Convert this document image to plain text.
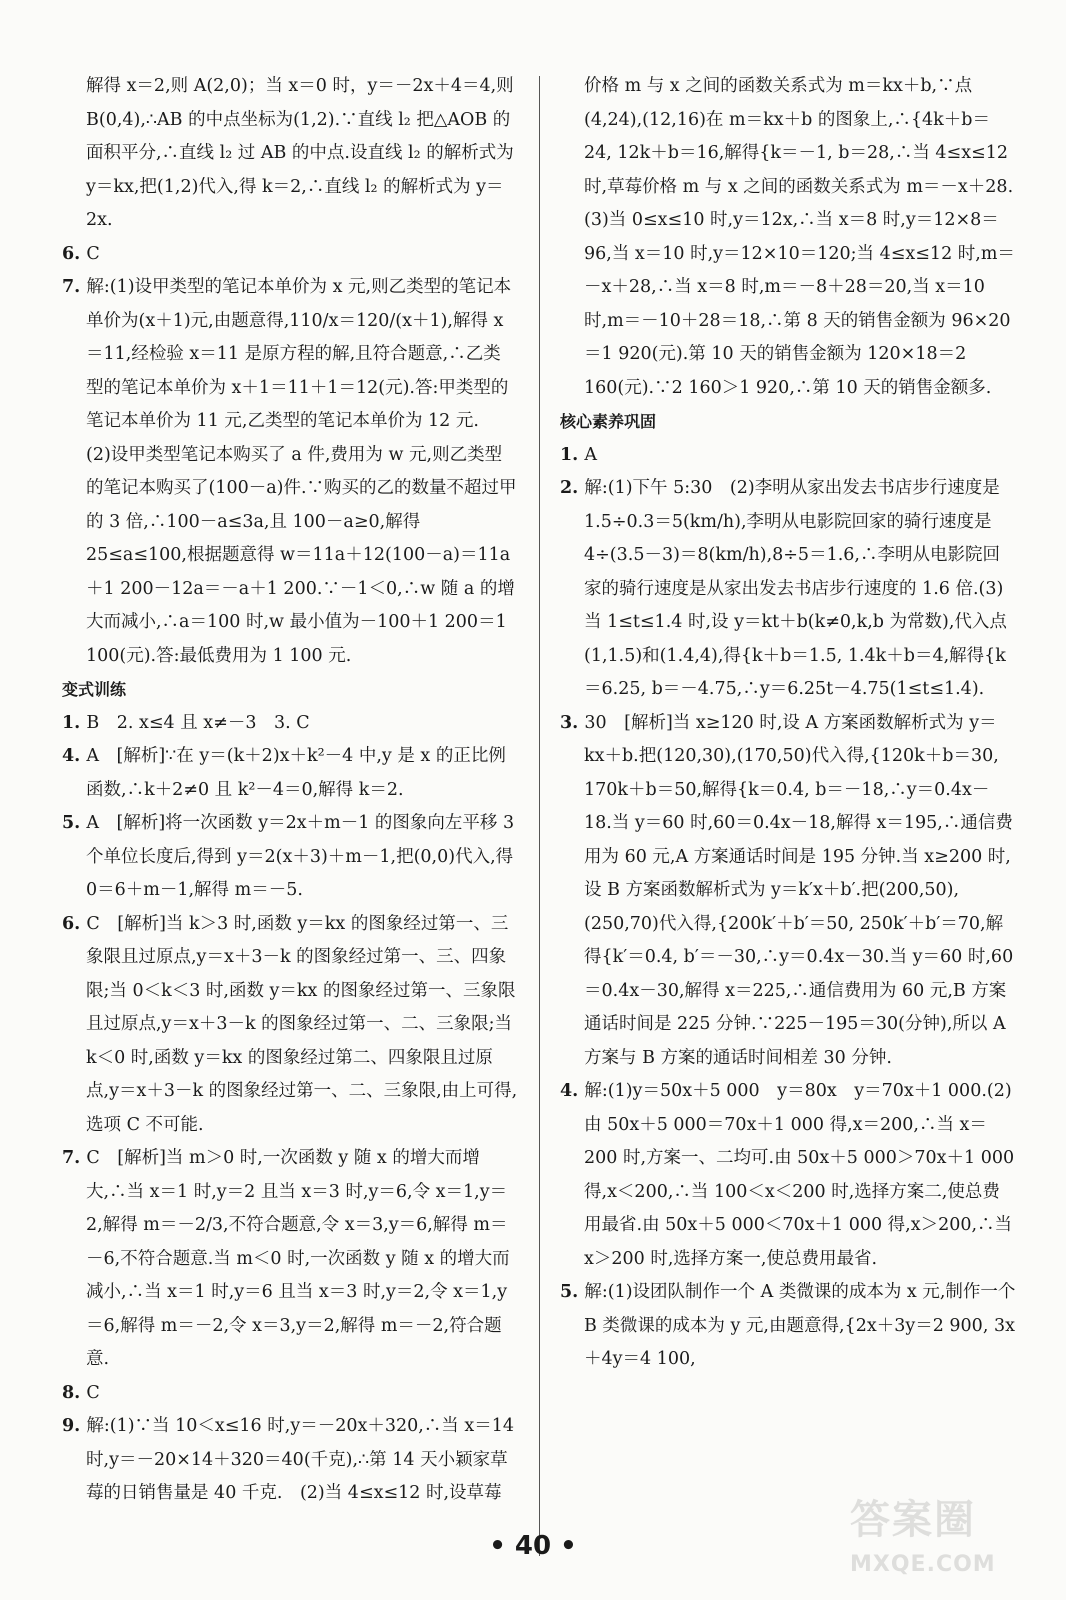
解得 x＝2,则 A(2,0)；当 x＝0 时，y＝－2x＋4＝4,则 B(0,4),∴AB 的中点坐标为(1,2).∵直线 l₂ 把△AOB 的面积平分,∴直线 l₂ 过 AB 的中点.设直线 l₂ 的解析式为 y＝kx,把(1,2)代入,得 k＝2,∴直线 l₂ 的解析式为 y＝2x.

6. C

7. 解:(1)设甲类型的笔记本单价为 x 元,则乙类型的笔记本单价为(x＋1)元,由题意得,110/x＝120/(x＋1),解得 x＝11,经检验 x＝11 是原方程的解,且符合题意,∴乙类型的笔记本单价为 x＋1＝11＋1＝12(元).答:甲类型的笔记本单价为 11 元,乙类型的笔记本单价为 12 元.　(2)设甲类型笔记本购买了 a 件,费用为 w 元,则乙类型的笔记本购买了(100－a)件.∵购买的乙的数量不超过甲的 3 倍,∴100－a≤3a,且 100－a≥0,解得 25≤a≤100,根据题意得 w＝11a＋12(100－a)＝11a＋1 200－12a＝－a＋1 200.∵－1＜0,∴w 随 a 的增大而减小,∴a＝100 时,w 最小值为－100＋1 200＝1 100(元).答:最低费用为 1 100 元.

变式训练

1. B　2. x≤4 且 x≠－3　3. C

4. A　[解析]∵在 y＝(k＋2)x＋k²－4 中,y 是 x 的正比例函数,∴k＋2≠0 且 k²－4＝0,解得 k＝2.

5. A　[解析]将一次函数 y＝2x＋m－1 的图象向左平移 3 个单位长度后,得到 y＝2(x＋3)＋m－1,把(0,0)代入,得 0＝6＋m－1,解得 m＝－5.

6. C　[解析]当 k＞3 时,函数 y＝kx 的图象经过第一、三象限且过原点,y＝x＋3－k 的图象经过第一、三、四象限;当 0＜k＜3 时,函数 y＝kx 的图象经过第一、三象限且过原点,y＝x＋3－k 的图象经过第一、二、三象限;当 k＜0 时,函数 y＝kx 的图象经过第二、四象限且过原点,y＝x＋3－k 的图象经过第一、二、三象限,由上可得,选项 C 不可能.

7. C　[解析]当 m＞0 时,一次函数 y 随 x 的增大而增大,∴当 x＝1 时,y＝2 且当 x＝3 时,y＝6,令 x＝1,y＝2,解得 m＝－2/3,不符合题意,令 x＝3,y＝6,解得 m＝－6,不符合题意.当 m＜0 时,一次函数 y 随 x 的增大而减小,∴当 x＝1 时,y＝6 且当 x＝3 时,y＝2,令 x＝1,y＝6,解得 m＝－2,令 x＝3,y＝2,解得 m＝－2,符合题意.

8. C

9. 解:(1)∵当 10＜x≤16 时,y＝－20x＋320,∴当 x＝14 时,y＝－20×14＋320＝40(千克),∴第 14 天小颖家草莓的日销售量是 40 千克.　(2)当 4≤x≤12 时,设草莓

价格 m 与 x 之间的函数关系式为 m＝kx＋b,∵点(4,24),(12,16)在 m＝kx＋b 的图象上,∴{4k＋b＝24, 12k＋b＝16,解得{k＝－1, b＝28,∴当 4≤x≤12 时,草莓价格 m 与 x 之间的函数关系式为 m＝－x＋28.

(3)当 0≤x≤10 时,y＝12x,∴当 x＝8 时,y＝12×8＝96,当 x＝10 时,y＝12×10＝120;当 4≤x≤12 时,m＝－x＋28,∴当 x＝8 时,m＝－8＋28＝20,当 x＝10 时,m＝－10＋28＝18,∴第 8 天的销售金额为 96×20＝1 920(元).第 10 天的销售金额为 120×18＝2 160(元).∵2 160＞1 920,∴第 10 天的销售金额多.

核心素养巩固

1. A

2. 解:(1)下午 5:30　(2)李明从家出发去书店步行速度是 1.5÷0.3＝5(km/h),李明从电影院回家的骑行速度是 4÷(3.5－3)＝8(km/h),8÷5＝1.6,∴李明从电影院回家的骑行速度是从家出发去书店步行速度的 1.6 倍.(3)当 1≤t≤1.4 时,设 y＝kt＋b(k≠0,k,b 为常数),代入点(1,1.5)和(1.4,4),得{k＋b＝1.5, 1.4k＋b＝4,解得{k＝6.25, b＝－4.75,∴y＝6.25t－4.75(1≤t≤1.4).

3. 30　[解析]当 x≥120 时,设 A 方案函数解析式为 y＝kx＋b.把(120,30),(170,50)代入得,{120k＋b＝30, 170k＋b＝50,解得{k＝0.4, b＝－18,∴y＝0.4x－18.当 y＝60 时,60＝0.4x－18,解得 x＝195,∴通信费用为 60 元,A 方案通话时间是 195 分钟.当 x≥200 时,设 B 方案函数解析式为 y＝k′x＋b′.把(200,50),(250,70)代入得,{200k′＋b′＝50, 250k′＋b′＝70,解得{k′＝0.4, b′＝－30,∴y＝0.4x－30.当 y＝60 时,60＝0.4x－30,解得 x＝225,∴通信费用为 60 元,B 方案通话时间是 225 分钟.∵225－195＝30(分钟),所以 A 方案与 B 方案的通话时间相差 30 分钟.

4. 解:(1)y＝50x＋5 000　y＝80x　y＝70x＋1 000.(2)由 50x＋5 000＝70x＋1 000 得,x＝200,∴当 x＝200 时,方案一、二均可.由 50x＋5 000＞70x＋1 000 得,x＜200,∴当 100＜x＜200 时,选择方案二,使总费用最省.由 50x＋5 000＜70x＋1 000 得,x＞200,∴当 x＞200 时,选择方案一,使总费用最省.

5. 解:(1)设团队制作一个 A 类微课的成本为 x 元,制作一个 B 类微课的成本为 y 元,由题意得,{2x＋3y＝2 900, 3x＋4y＝4 100,

• 40 •
答案圈
MXQE.COM
